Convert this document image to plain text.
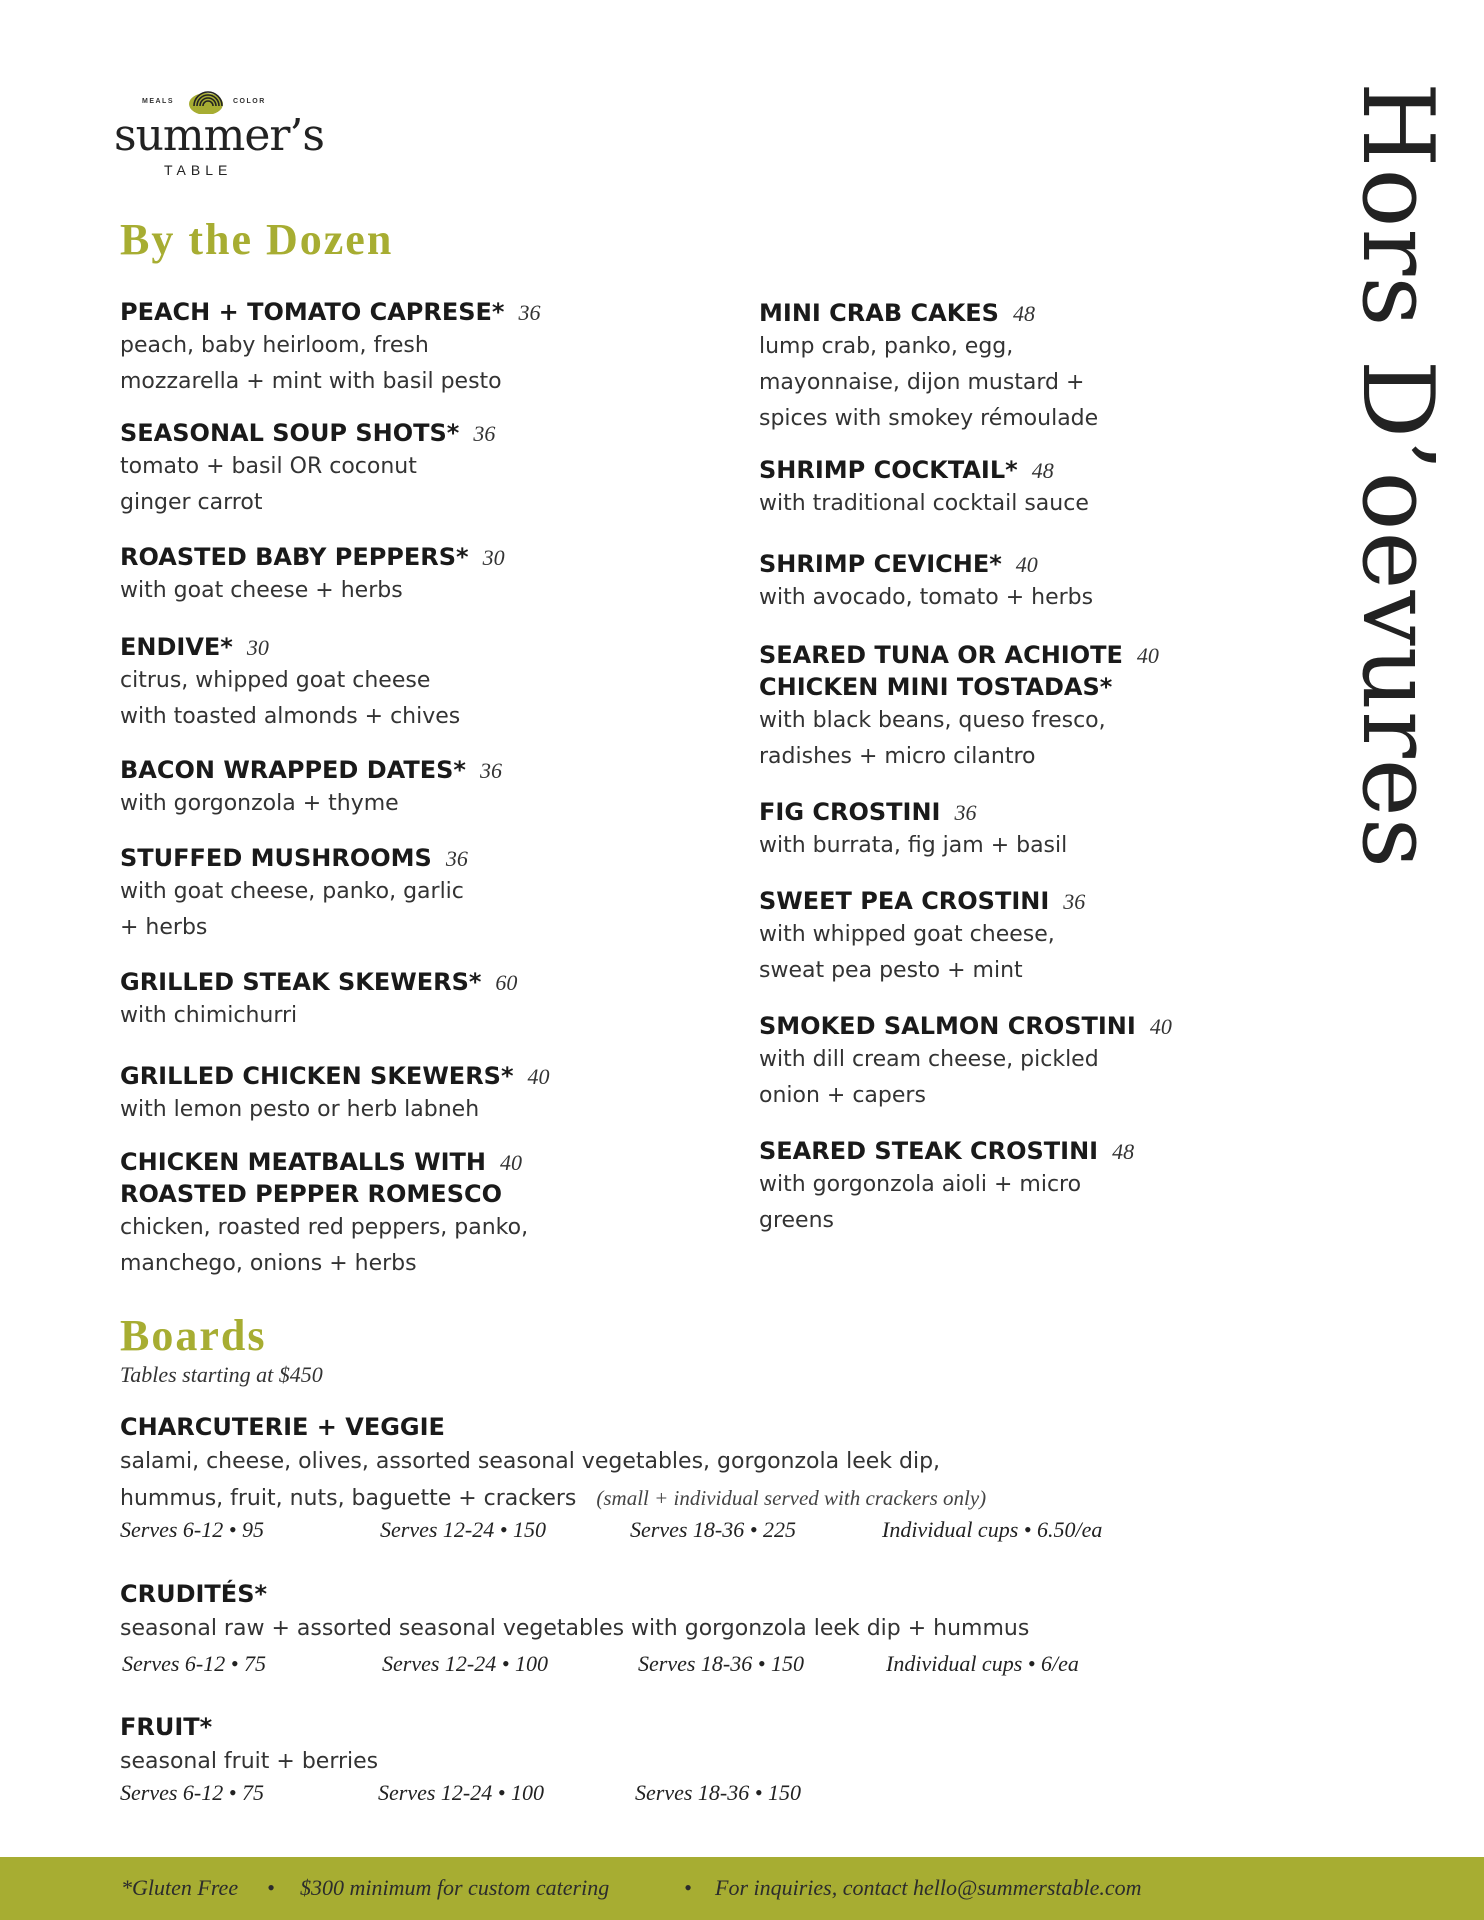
MEALS	COLOR
summer’s
TABLE	Hors D’oevures
By the Dozen
PEACH + TOMATO CAPRESE* 36
peach, baby heirloom, fresh
mozzarella + mint with basil pesto
SEASONAL SOUP SHOTS* 36
tomato + basil OR coconut
ginger carrot
ROASTED BABY PEPPERS* 30
with goat cheese + herbs
ENDIVE* 30
citrus, whipped goat cheese
with toasted almonds + chives
BACON WRAPPED DATES* 36
with gorgonzola + thyme
STUFFED MUSHROOMS 36
with goat cheese, panko, garlic
+ herbs
GRILLED STEAK SKEWERS* 60
with chimichurri
GRILLED CHICKEN SKEWERS* 40
with lemon pesto or herb labneh
CHICKEN MEATBALLS WITH 40
ROASTED PEPPER ROMESCO
chicken, roasted red peppers, panko,
manchego, onions + herbs
MINI CRAB CAKES 48
lump crab, panko, egg,
mayonnaise, dijon mustard +
spices with smokey rémoulade
SHRIMP COCKTAIL* 48
with traditional cocktail sauce
SHRIMP CEVICHE* 40
with avocado, tomato + herbs
SEARED TUNA OR ACHIOTE 40
CHICKEN MINI TOSTADAS*
with black beans, queso fresco,
radishes + micro cilantro
FIG CROSTINI 36
with burrata, fig jam + basil
SWEET PEA CROSTINI 36
with whipped goat cheese,
sweat pea pesto + mint
SMOKED SALMON CROSTINI 40
with dill cream cheese, pickled
onion + capers
SEARED STEAK CROSTINI 48
with gorgonzola aioli + micro
greens
Boards
Tables starting at $450
CHARCUTERIE + VEGGIE
salami, cheese, olives, assorted seasonal vegetables, gorgonzola leek dip,
hummus, fruit, nuts, baguette + crackers (small + individual served with crackers only)
Serves 6-12 • 95	Serves 12-24 • 150	Serves 18-36 • 225	Individual cups • 6.50/ea
CRUDITÉS*
seasonal raw + assorted seasonal vegetables with gorgonzola leek dip + hummus
Serves 6-12 • 75	Serves 12-24 • 100	Serves 18-36 • 150	Individual cups • 6/ea
FRUIT*
seasonal fruit + berries
Serves 6-12 • 75	Serves 12-24 • 100	Serves 18-36 • 150
*Gluten Free • $300 minimum for custom catering	• For inquiries, contact hello@summerstable.com
